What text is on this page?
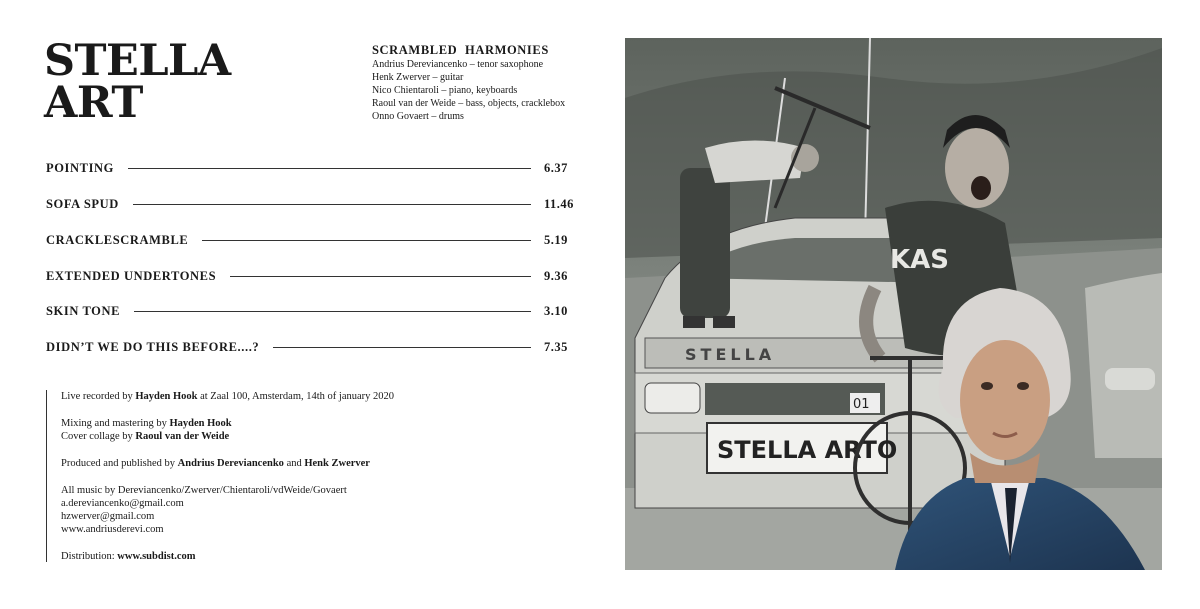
STELLA
ART
SCRAMBLED HARMONIES
Andrius Dereviancenko – tenor saxophone
Henk Zwerver – guitar
Nico Chientaroli – piano, keyboards
Raoul van der Weide – bass, objects, cracklebox
Onno Govaert – drums
POINTING	6.37
SOFA SPUD	11.46
CRACKLESCRAMBLE	5.19
EXTENDED UNDERTONES	9.36
SKIN TONE	3.10
DIDN’T WE DO THIS BEFORE....?	7.35

Live recorded by Hayden Hook at Zaal 100, Amsterdam, 14th of january 2020

Mixing and mastering by Hayden Hook

Cover collage by Raoul van der Weide

Produced and published by Andrius Dereviancenko and Henk Zwerver

All music by Dereviancenko/Zwerver/Chientaroli/vdWeide/Govaert

a.dereviancenko@gmail.com

hzwerver@gmail.com

www.andriusderevi.com

Distribution: www.subdist.com

STELLA
STELLA ARTO
01
KAS
